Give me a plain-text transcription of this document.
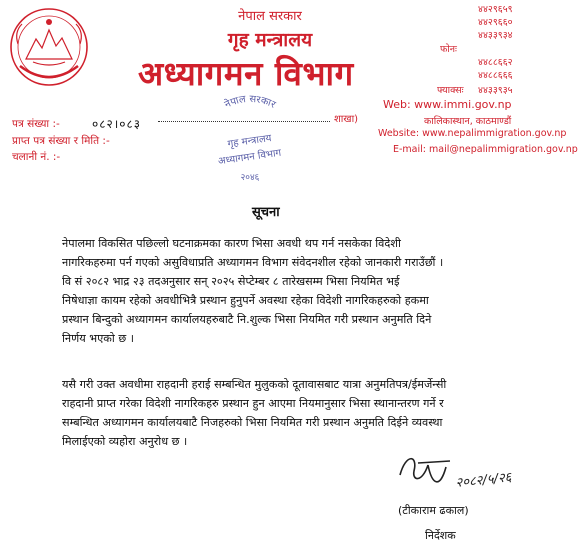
नेपाल सरकार
गृह मन्त्रालय
अध्यागमन विभाग
फोनः
४४२९६५९
४४२९६६०
४४३३९३४
४४८८६६२
४४८८६६६
फ्याक्सः ४४३३९३५
Web: www.immi.gov.np
कालिकास्थान, काठमाण्डौं
Website: www.nepalimmigration.gov.np
E-mail: mail@nepalimmigration.gov.np
पत्र संख्या :-	०८२।०८३
प्राप्त पत्र संख्या र मिति :-
चलानी नं. :-
शाखा)
नेपाल सरकार
गृह मन्त्रालय
अध्यागमन विभाग
२०४६
सूचना
नेपालमा विकसित पछिल्लो घटनाक्रमका कारण भिसा अवधी थप गर्न नसकेका विदेशी
नागरिकहरुमा पर्न गएको असुविधाप्रति अध्यागमन विभाग संवेदनशील रहेको जानकारी गराउँछौं ।
वि सं २०८२ भाद्र २३ तदअनुसार सन् २०२५ सेप्टेम्बर ८ तारेखसम्म भिसा नियमित भई
निषेधाज्ञा कायम रहेको अवधीभित्रै प्रस्थान हुनुपर्ने अवस्था रहेका विदेशी नागरिकहरुको हकमा
प्रस्थान बिन्दुको अध्यागमन कार्यालयहरुबाटै नि.शुल्क भिसा नियमित गरी प्रस्थान अनुमति दिने
निर्णय भएको छ ।
यसै गरी उक्त अवधीमा राहदानी हराई सम्बन्धित मुलुकको दूतावासबाट यात्रा अनुमतिपत्र/ईमर्जेन्सी
राहदानी प्राप्त गरेका विदेशी नागरिकहरु प्रस्थान हुन आएमा नियमानुसार भिसा स्थानान्तरण गर्ने र
सम्बन्धित अध्यागमन कार्यालयबाटै निजहरुको भिसा नियमित गरी प्रस्थान अनुमति दिईने व्यवस्था
मिलाईएको व्यहोरा अनुरोध छ ।
२०८२/५/२६
(टीकाराम ढकाल)
निर्देशक
